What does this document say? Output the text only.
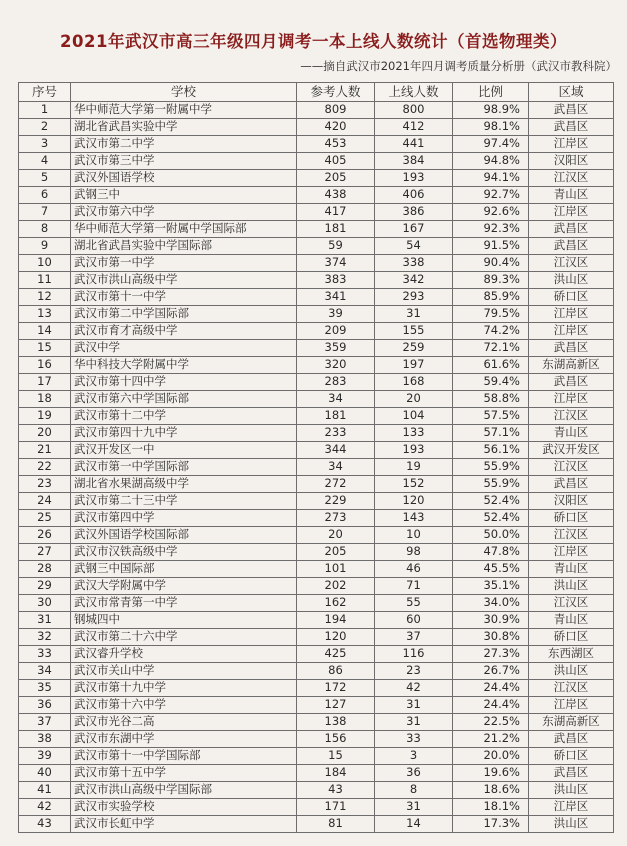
2021年武汉市高三年级四月调考一本上线人数统计（首选物理类）
——摘自武汉市2021年四月调考质量分析册（武汉市教科院）
序号	学校	参考人数	上线人数	比例	区域
1	华中师范大学第一附属中学	809	800	98.9%	武昌区
2	湖北省武昌实验中学	420	412	98.1%	武昌区
3	武汉市第二中学	453	441	97.4%	江岸区
4	武汉市第三中学	405	384	94.8%	汉阳区
5	武汉外国语学校	205	193	94.1%	江汉区
6	武钢三中	438	406	92.7%	青山区
7	武汉市第六中学	417	386	92.6%	江岸区
8	华中师范大学第一附属中学国际部	181	167	92.3%	武昌区
9	湖北省武昌实验中学国际部	59	54	91.5%	武昌区
10	武汉市第一中学	374	338	90.4%	江汉区
11	武汉市洪山高级中学	383	342	89.3%	洪山区
12	武汉市第十一中学	341	293	85.9%	硚口区
13	武汉市第二中学国际部	39	31	79.5%	江岸区
14	武汉市育才高级中学	209	155	74.2%	江岸区
15	武汉中学	359	259	72.1%	武昌区
16	华中科技大学附属中学	320	197	61.6%	东湖高新区
17	武汉市第十四中学	283	168	59.4%	武昌区
18	武汉市第六中学国际部	34	20	58.8%	江岸区
19	武汉市第十二中学	181	104	57.5%	江汉区
20	武汉市第四十九中学	233	133	57.1%	青山区
21	武汉开发区一中	344	193	56.1%	武汉开发区
22	武汉市第一中学国际部	34	19	55.9%	江汉区
23	湖北省水果湖高级中学	272	152	55.9%	武昌区
24	武汉市第二十三中学	229	120	52.4%	汉阳区
25	武汉市第四中学	273	143	52.4%	硚口区
26	武汉外国语学校国际部	20	10	50.0%	江汉区
27	武汉市汉铁高级中学	205	98	47.8%	江岸区
28	武钢三中国际部	101	46	45.5%	青山区
29	武汉大学附属中学	202	71	35.1%	洪山区
30	武汉市常青第一中学	162	55	34.0%	江汉区
31	钢城四中	194	60	30.9%	青山区
32	武汉市第二十六中学	120	37	30.8%	硚口区
33	武汉睿升学校	425	116	27.3%	东西湖区
34	武汉市关山中学	86	23	26.7%	洪山区
35	武汉市第十九中学	172	42	24.4%	江汉区
36	武汉市第十六中学	127	31	24.4%	江岸区
37	武汉市光谷二高	138	31	22.5%	东湖高新区
38	武汉市东湖中学	156	33	21.2%	武昌区
39	武汉市第十一中学国际部	15	3	20.0%	硚口区
40	武汉市第十五中学	184	36	19.6%	武昌区
41	武汉市洪山高级中学国际部	43	8	18.6%	洪山区
42	武汉市实验学校	171	31	18.1%	江岸区
43	武汉市长虹中学	81	14	17.3%	洪山区
